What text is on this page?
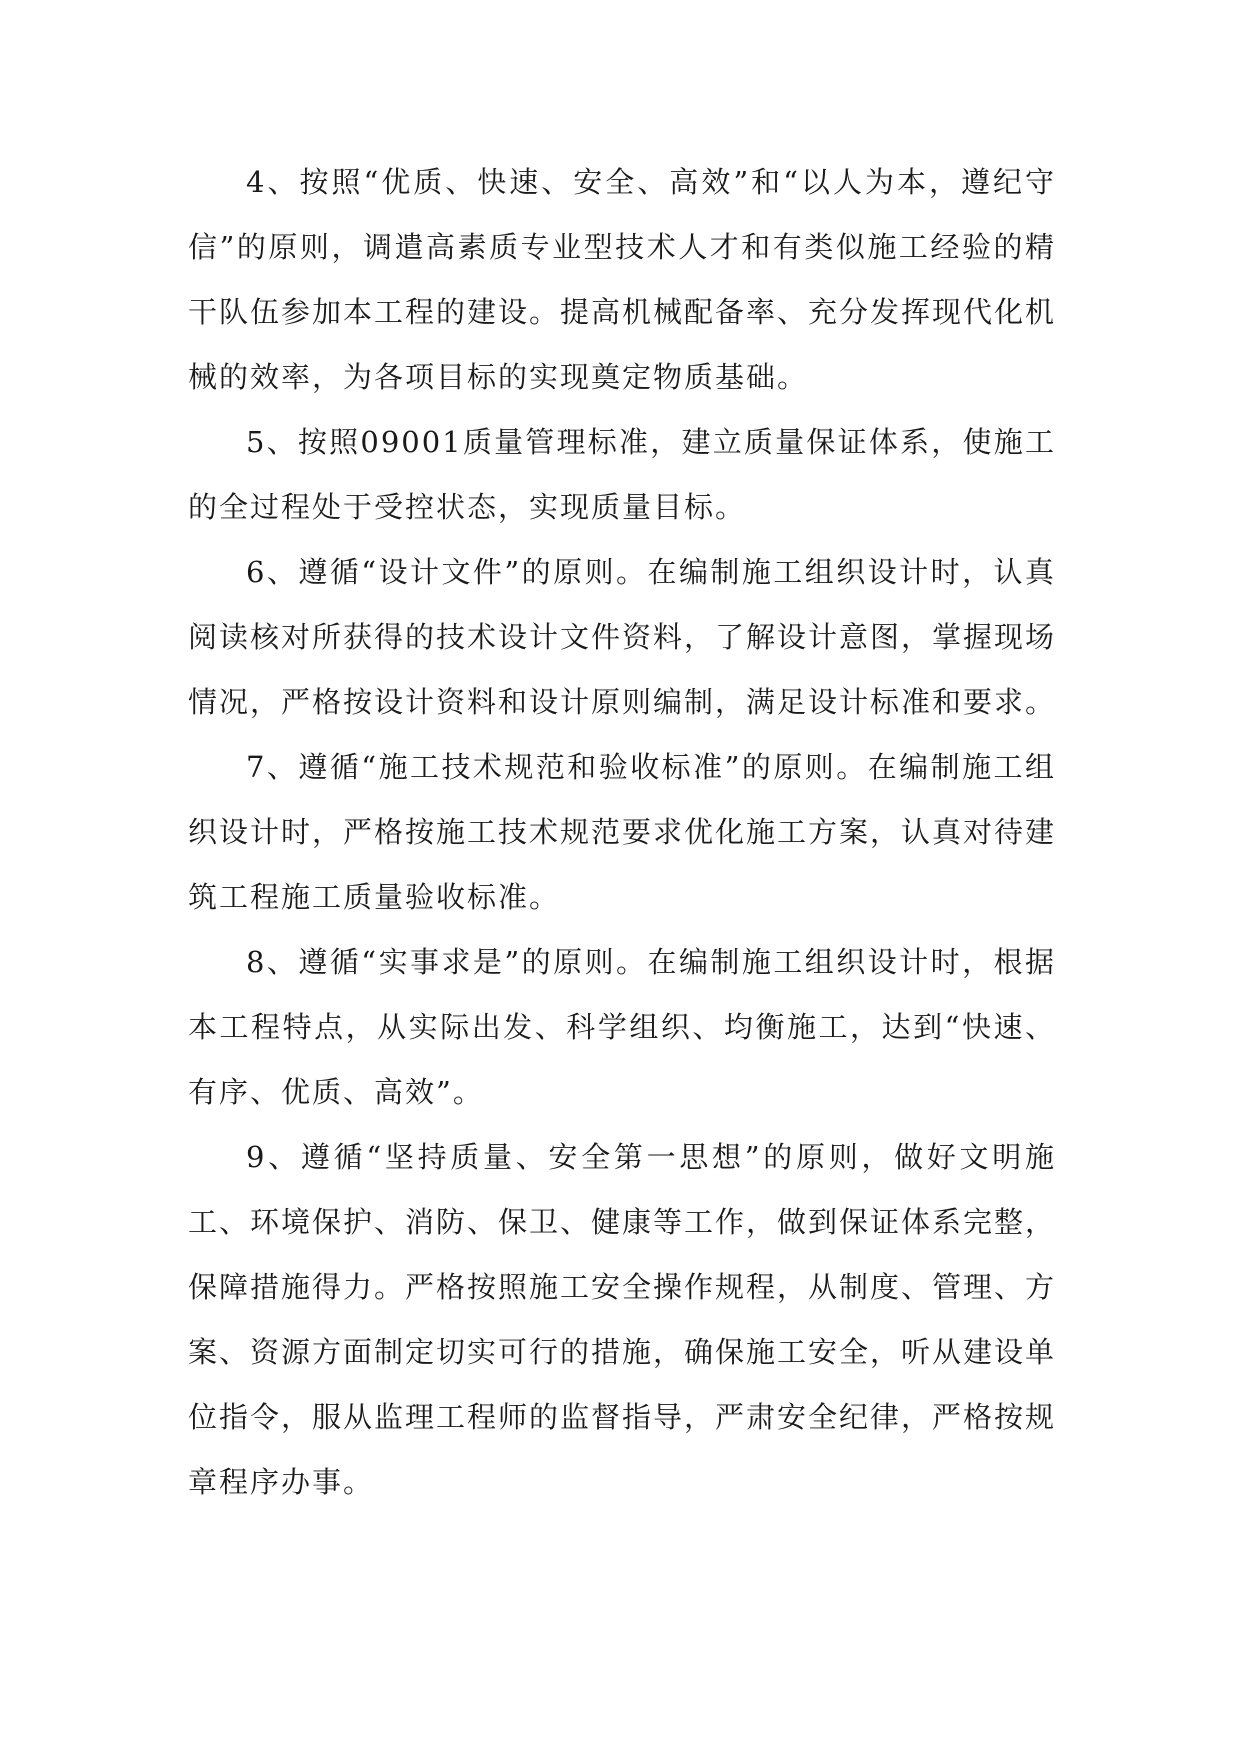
4、按照“优质、快速、安全、高效”和“以人为本，遵纪守信”的原则，调遣高素质专业型技术人才和有类似施工经验的精干队伍参加本工程的建设。提高机械配备率、充分发挥现代化机械的效率，为各项目标的实现奠定物质基础。

5、按照09001质量管理标准，建立质量保证体系，使施工的全过程处于受控状态，实现质量目标。

6、遵循“设计文件”的原则。在编制施工组织设计时，认真阅读核对所获得的技术设计文件资料，了解设计意图，掌握现场情况，严格按设计资料和设计原则编制，满足设计标准和要求。

7、遵循“施工技术规范和验收标准”的原则。在编制施工组织设计时，严格按施工技术规范要求优化施工方案，认真对待建筑工程施工质量验收标准。

8、遵循“实事求是”的原则。在编制施工组织设计时，根据本工程特点，从实际出发、科学组织、均衡施工，达到“快速、有序、优质、高效”。

9、遵循“坚持质量、安全第一思想”的原则，做好文明施工、环境保护、消防、保卫、健康等工作，做到保证体系完整，保障措施得力。严格按照施工安全操作规程，从制度、管理、方案、资源方面制定切实可行的措施，确保施工安全，听从建设单位指令，服从监理工程师的监督指导，严肃安全纪律，严格按规章程序办事。
